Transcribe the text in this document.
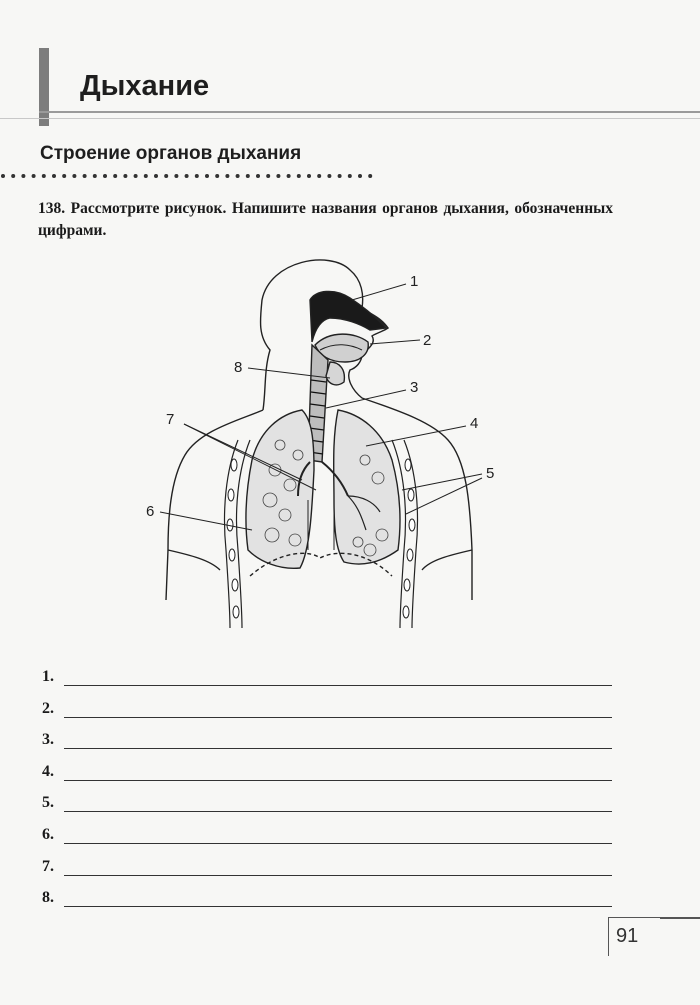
Дыхание
Строение органов дыхания

138. Рассмотрите рисунок. Напишите названия органов дыхания, обозначенных цифрами.

1
2
3
4
5
6
7
8
1.
2.
3.
4.
5.
6.
7.
8.
91
